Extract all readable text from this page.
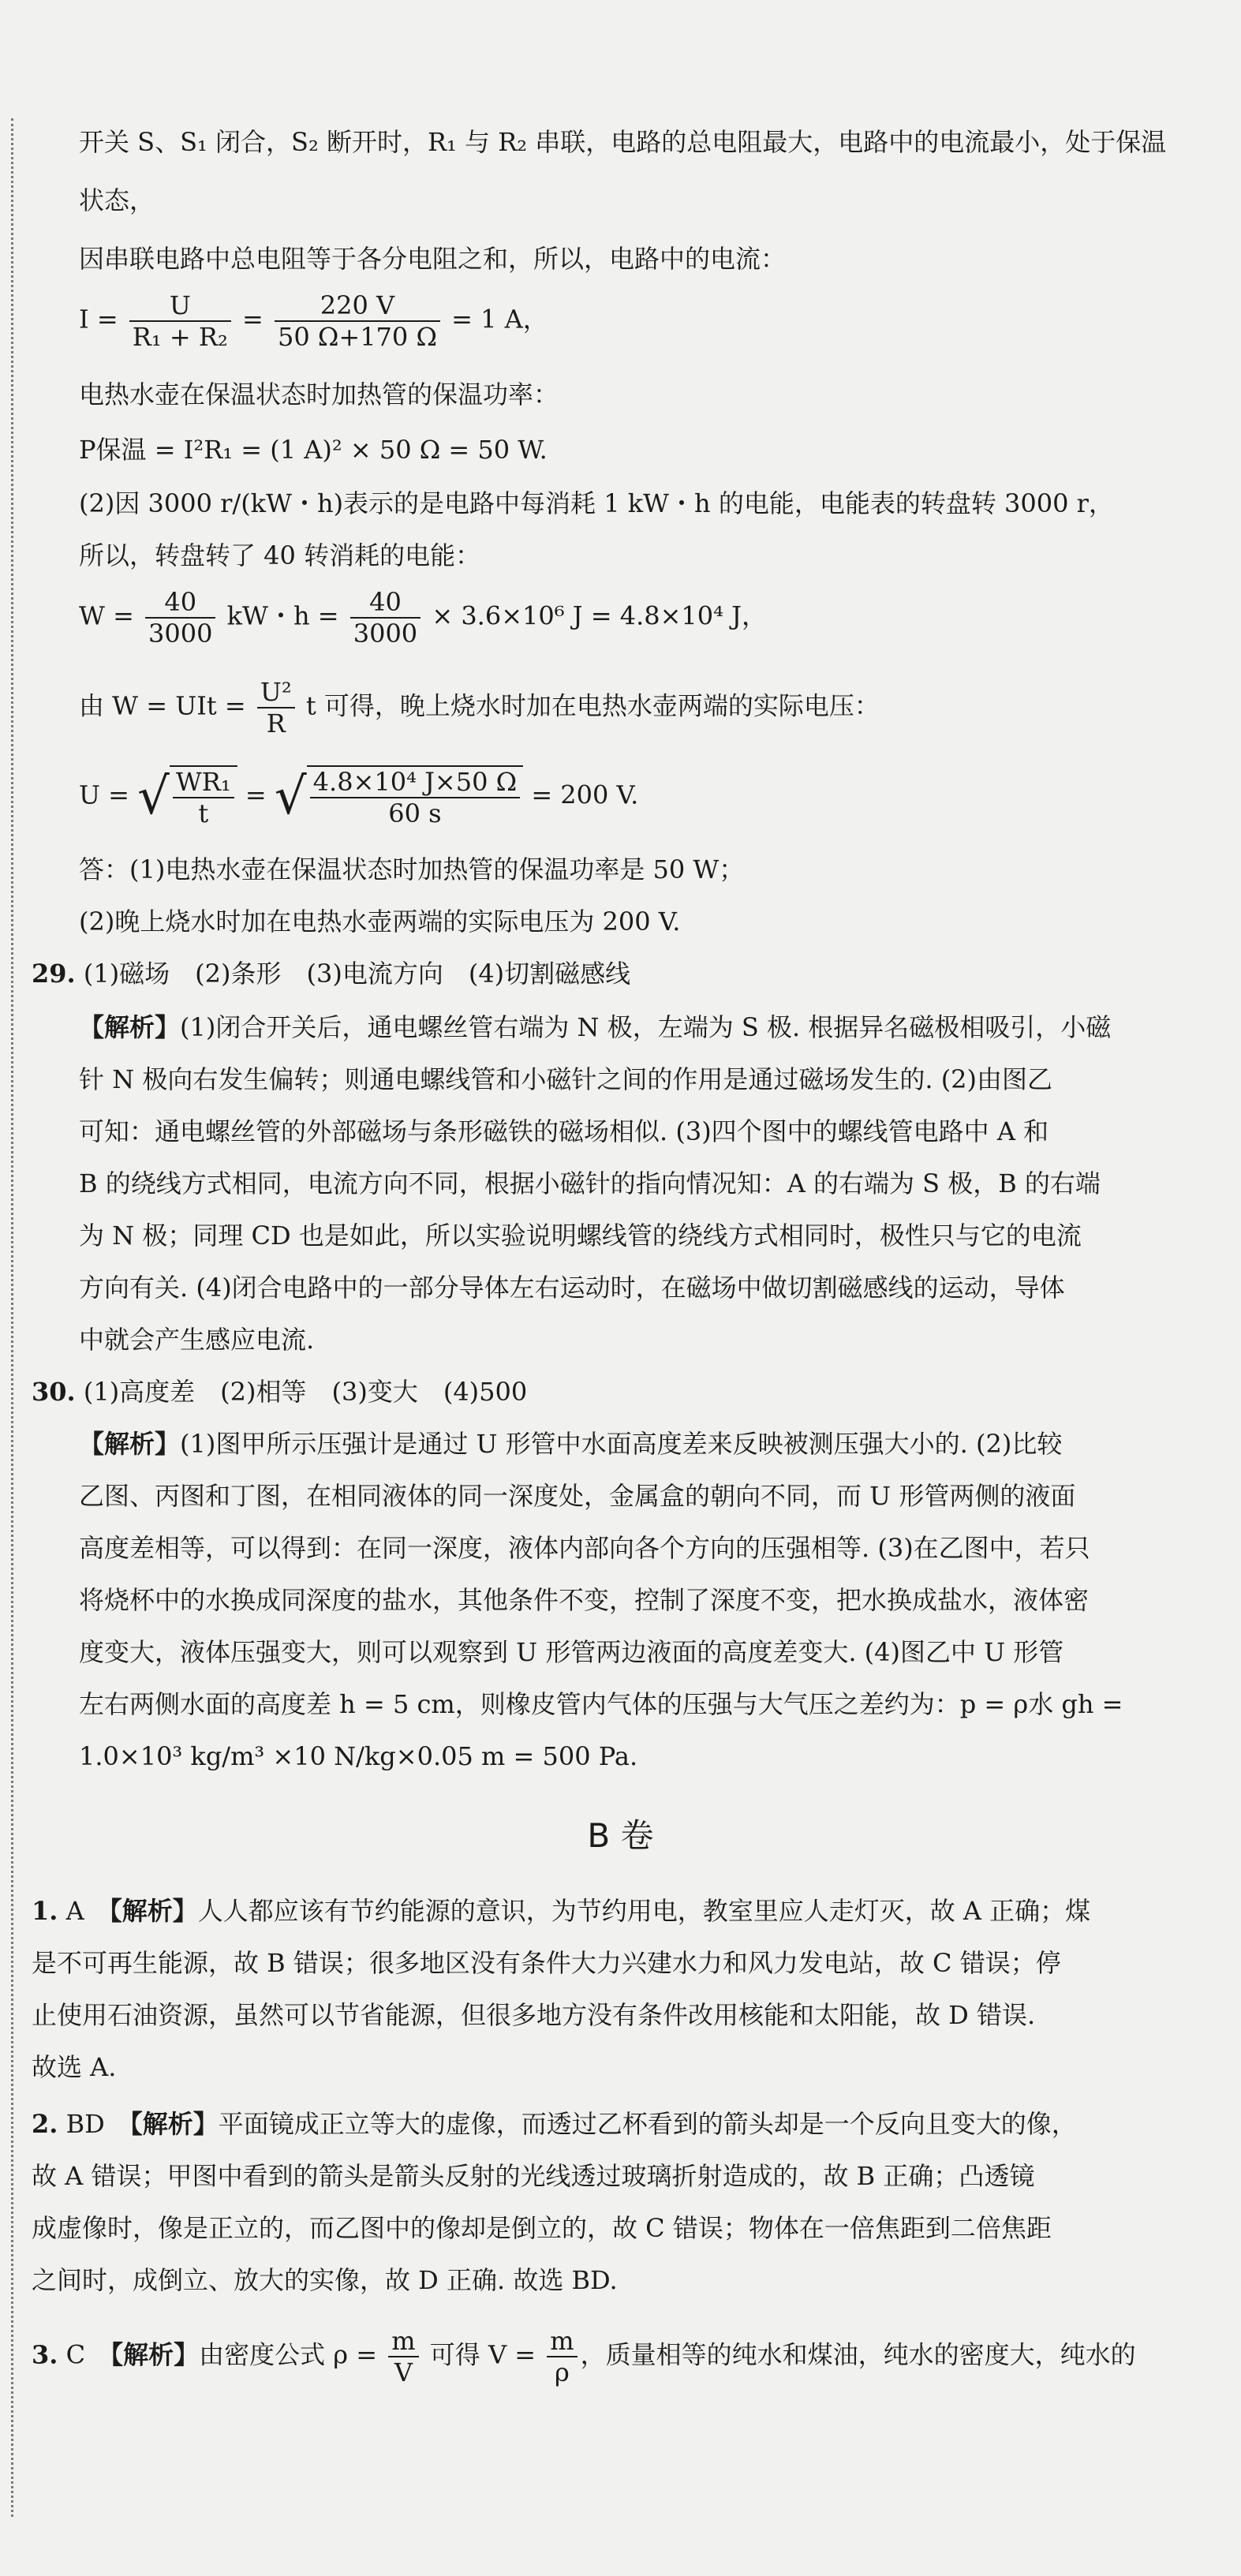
开关 S、S₁ 闭合，S₂ 断开时，R₁ 与 R₂ 串联，电路的总电阻最大，电路中的电流最小，处于保温

状态，

因串联电路中总电阻等于各分电阻之和，所以，电路中的电流：

$I = \frac{U}{\text{R₁ + R₂}} = \frac{220 V}{50 \Omega+170 \Omega} = 1$ A，

电热水壶在保温状态时加热管的保温功率：

P保温 = I²R₁ = (1 A)² × 50 Ω = 50 W.

(2)因 3000 r/(kW・h)表示的是电路中每消耗 1 kW・h 的电能，电能表的转盘转 3000 r，

所以，转盘转了 40 转消耗的电能：

$W = \frac{40}{3000}$ kW・$h = \frac{40}{3000} \times 3.6\times 10^6$ J = 4.8×10⁴ J，
由 W = UIt = $\frac{\text{U²}}{R}$ t 可得，晚上烧水时加在电热水壶两端的实际电压：
U = √ $\frac{\text{WR₁}}{t}$ = √ $\frac{\text{4.8×10⁴ J×50 Ω}}{60 s} = 200$ V.

答：(1)电热水壶在保温状态时加热管的保温功率是 50 W；

(2)晚上烧水时加在电热水壶两端的实际电压为 200 V.

29. (1)磁场　(2)条形　(3)电流方向　(4)切割磁感线
【解析】(1)闭合开关后，通电螺丝管右端为 N 极，左端为 S 极. 根据异名磁极相吸引，小磁

针 N 极向右发生偏转；则通电螺线管和小磁针之间的作用是通过磁场发生的. (2)由图乙

可知：通电螺丝管的外部磁场与条形磁铁的磁场相似. (3)四个图中的螺线管电路中 A 和

B 的绕线方式相同，电流方向不同，根据小磁针的指向情况知：A 的右端为 S 极，B 的右端

为 N 极；同理 CD 也是如此，所以实验说明螺线管的绕线方式相同时，极性只与它的电流

方向有关. (4)闭合电路中的一部分导体左右运动时，在磁场中做切割磁感线的运动，导体

中就会产生感应电流.

30. (1)高度差　(2)相等　(3)变大　(4)500
【解析】(1)图甲所示压强计是通过 U 形管中水面高度差来反映被测压强大小的. (2)比较

乙图、丙图和丁图，在相同液体的同一深度处，金属盒的朝向不同，而 U 形管两侧的液面

高度差相等，可以得到：在同一深度，液体内部向各个方向的压强相等. (3)在乙图中，若只

将烧杯中的水换成同深度的盐水，其他条件不变，控制了深度不变，把水换成盐水，液体密

度变大，液体压强变大，则可以观察到 U 形管两边液面的高度差变大. (4)图乙中 U 形管

左右两侧水面的高度差 h = 5 cm，则橡皮管内气体的压强与大气压之差约为：p = ρ水 gh =

B 卷
1. A　【解析】人人都应该有节约能源的意识，为节约用电，教室里应人走灯灭，故 A 正确；煤

是不可再生能源，故 B 错误；很多地区没有条件大力兴建水力和风力发电站，故 C 错误；停

止使用石油资源，虽然可以节省能源，但很多地方没有条件改用核能和太阳能，故 D 错误.

故选 A.

2. BD　【解析】平面镜成正立等大的虚像，而透过乙杯看到的箭头却是一个反向且变大的像，

故 A 错误；甲图中看到的箭头是箭头反射的光线透过玻璃折射造成的，故 B 正确；凸透镜

成虚像时，像是正立的，而乙图中的像却是倒立的，故 C 错误；物体在一倍焦距到二倍焦距

之间时，成倒立、放大的实像，故 D 正确. 故选 BD.

3. C　【解析】由密度公式 $\rho = \frac{m}{V}$ 可得 $V = \frac{m}{\rho}$ ，质量相等的纯水和煤油，纯水的密度大，纯水的

1.0×10³ kg/m³ ×10 N/kg×0.05 m = 500 Pa.
